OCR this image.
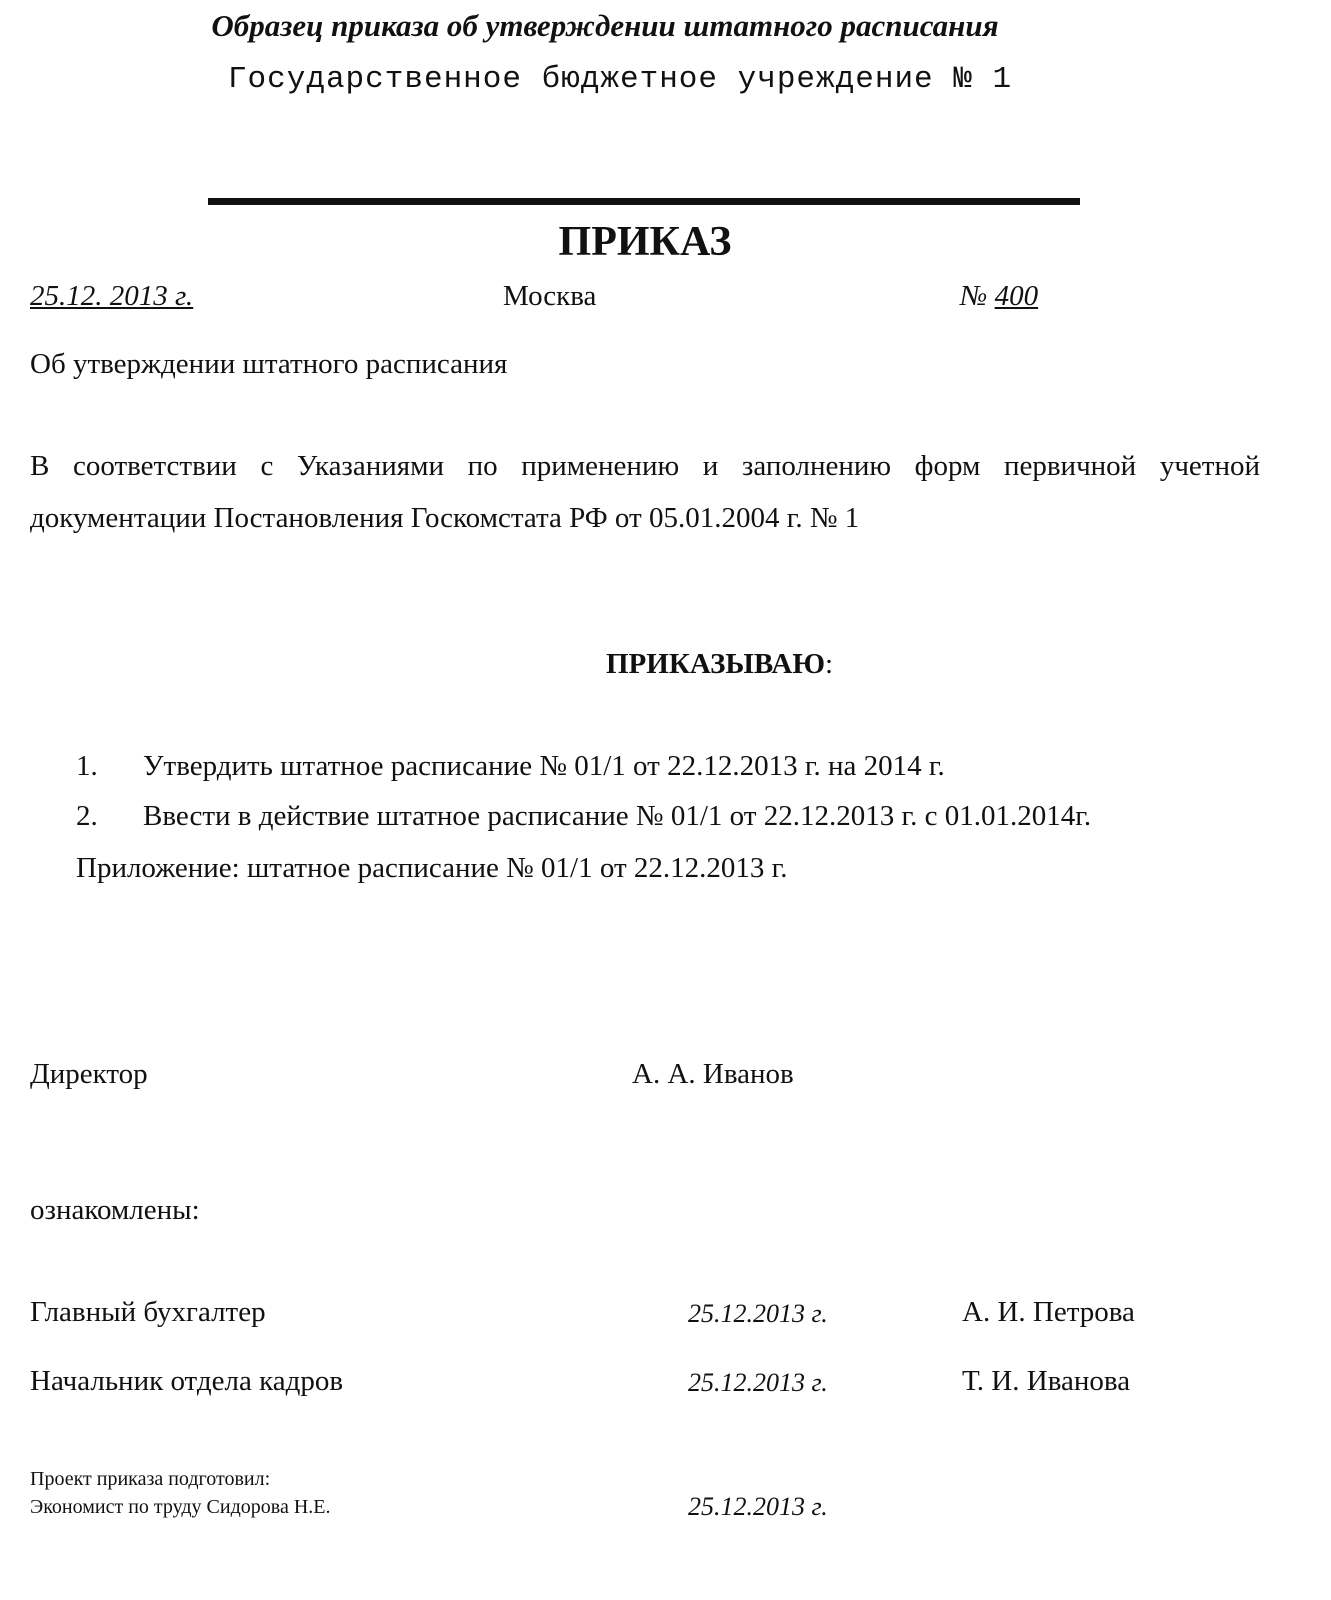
Образец приказа об утверждении штатного расписания
Государственное бюджетное учреждение № 1
ПРИКАЗ
25.12. 2013 г.	Москва	№ 400
Об утверждении штатного расписания
В соответствии с Указаниями по применению и заполнению форм первичной учетной документации Постановления Госкомстата РФ от 05.01.2004 г. № 1
ПРИКАЗЫВАЮ:
1. Утвердить штатное расписание № 01/1 от 22.12.2013 г. на 2014 г.
2. Ввести в действие штатное расписание № 01/1 от 22.12.2013 г. с 01.01.2014г.
Приложение: штатное расписание № 01/1 от 22.12.2013 г.
Директор	А. А. Иванов
ознакомлены:
Главный бухгалтер	25.12.2013 г.	А. И. Петрова
Начальник отдела кадров	25.12.2013 г.	Т. И. Иванова
Проект приказа подготовил:
Экономист по труду Сидорова Н.Е.	25.12.2013 г.
